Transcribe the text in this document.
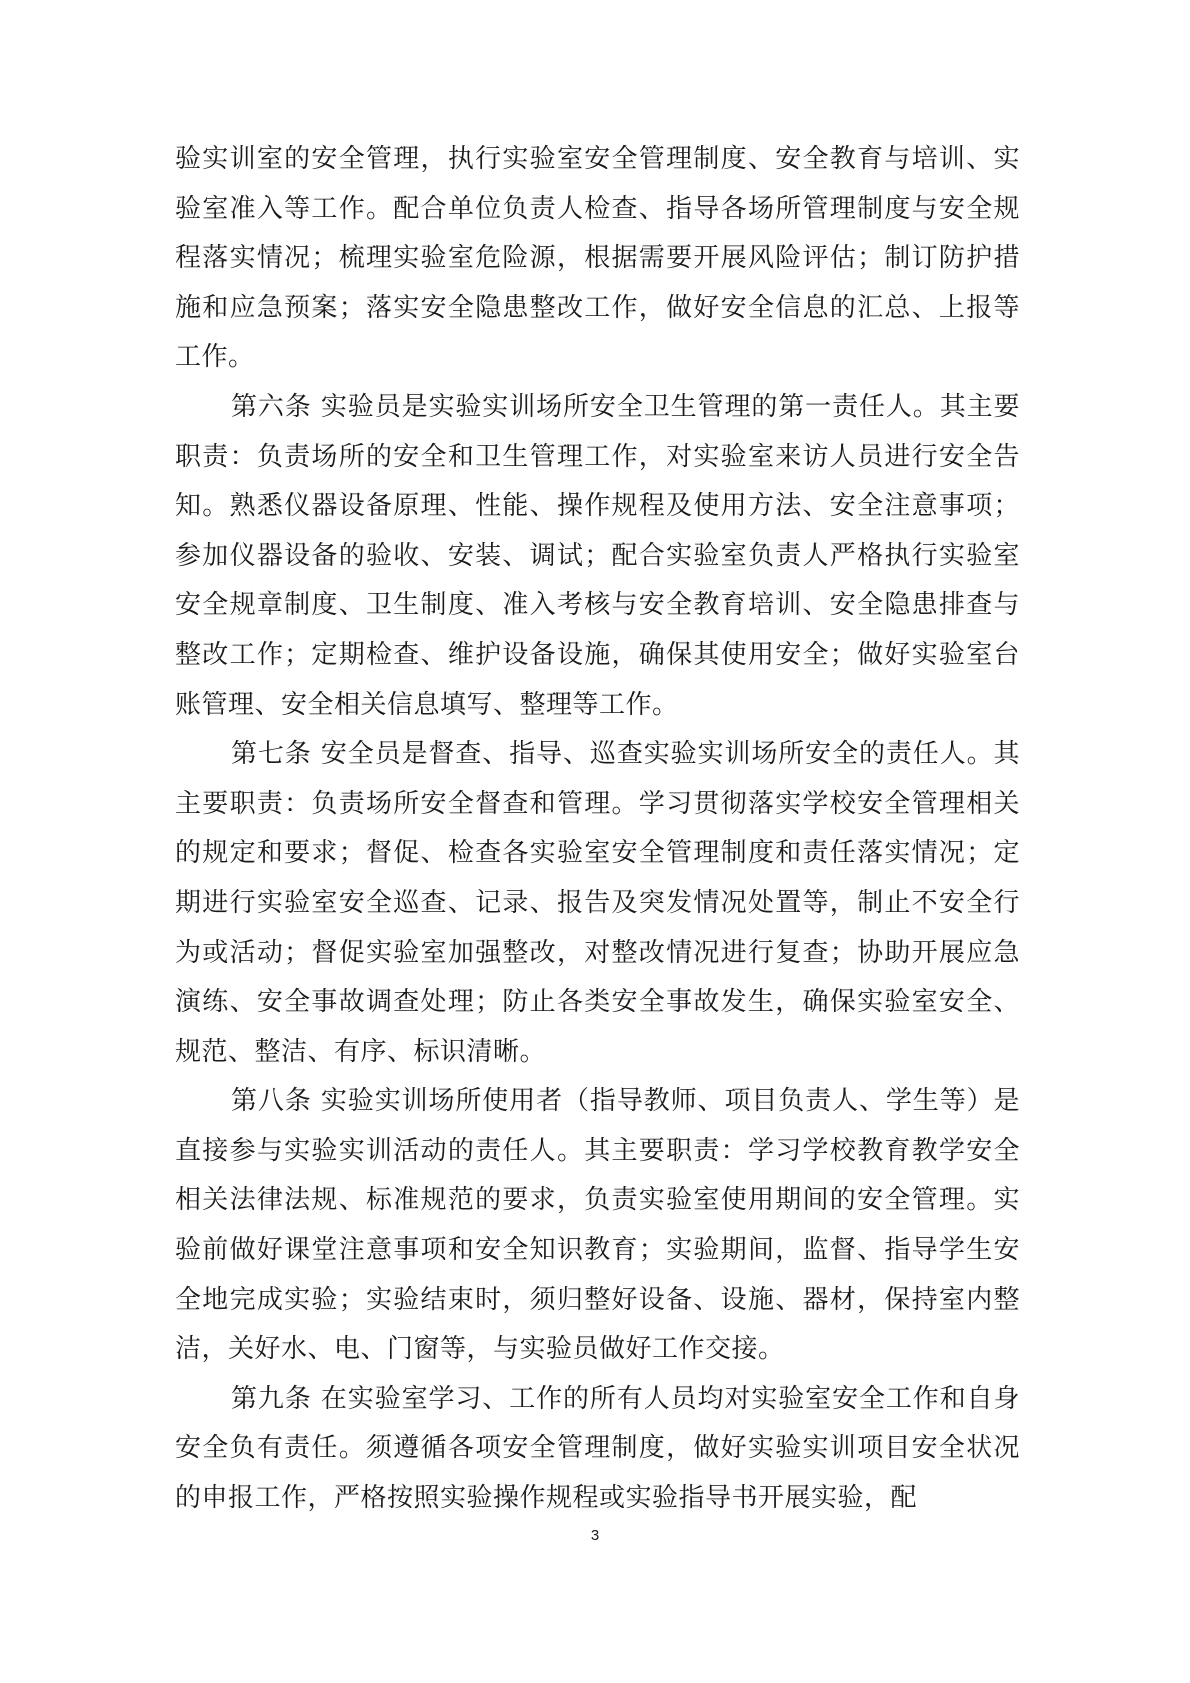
验实训室的安全管理，执行实验室安全管理制度、安全教育与培训、实验室准入等工作。配合单位负责人检查、指导各场所管理制度与安全规程落实情况；梳理实验室危险源，根据需要开展风险评估；制订防护措施和应急预案；落实安全隐患整改工作，做好安全信息的汇总、上报等工作。

第六条 实验员是实验实训场所安全卫生管理的第一责任人。其主要 职责：负责场所的安全和卫生管理工作，对实验室来访人员进行安全告知。熟悉仪器设备原理、性能、操作规程及使用方法、安全注意事项；参加仪器设备的验收、安装、调试；配合实验室负责人严格执行实验室安全规章制度、卫生制度、准入考核与安全教育培训、安全隐患排查与整改工作；定期检查、维护设备设施，确保其使用安全；做好实验室台账管理、安全相关信息填写、整理等工作。

第七条 安全员是督查、指导、巡查实验实训场所安全的责任人。其主要职责：负责场所安全督查和管理。学习贯彻落实学校安全管理相关的规定和要求；督促、检查各实验室安全管理制度和责任落实情况；定期进行实验室安全巡查、记录、报告及突发情况处置等，制止不安全行为或活动；督促实验室加强整改，对整改情况进行复查；协助开展应急演练、安全事故调查处理；防止各类安全事故发生，确保实验室安全、规范、整洁、有序、标识清晰。

第八条 实验实训场所使用者（指导教师、项目负责人、学生等）是直接参与实验实训活动的责任人。其主要职责：学习学校教育教学安全相关法律法规、标准规范的要求，负责实验室使用期间的安全管理。实验前做好课堂注意事项和安全知识教育；实验期间，监督、指导学生安全地完成实验；实验结束时，须归整好设备、设施、器材，保持室内整洁，关好水、电、门窗等，与实验员做好工作交接。

第九条 在实验室学习、工作的所有人员均对实验室安全工作和自身安全负有责任。须遵循各项安全管理制度，做好实验实训项目安全状况的申报工作，严格按照实验操作规程或实验指导书开展实验，配

3
